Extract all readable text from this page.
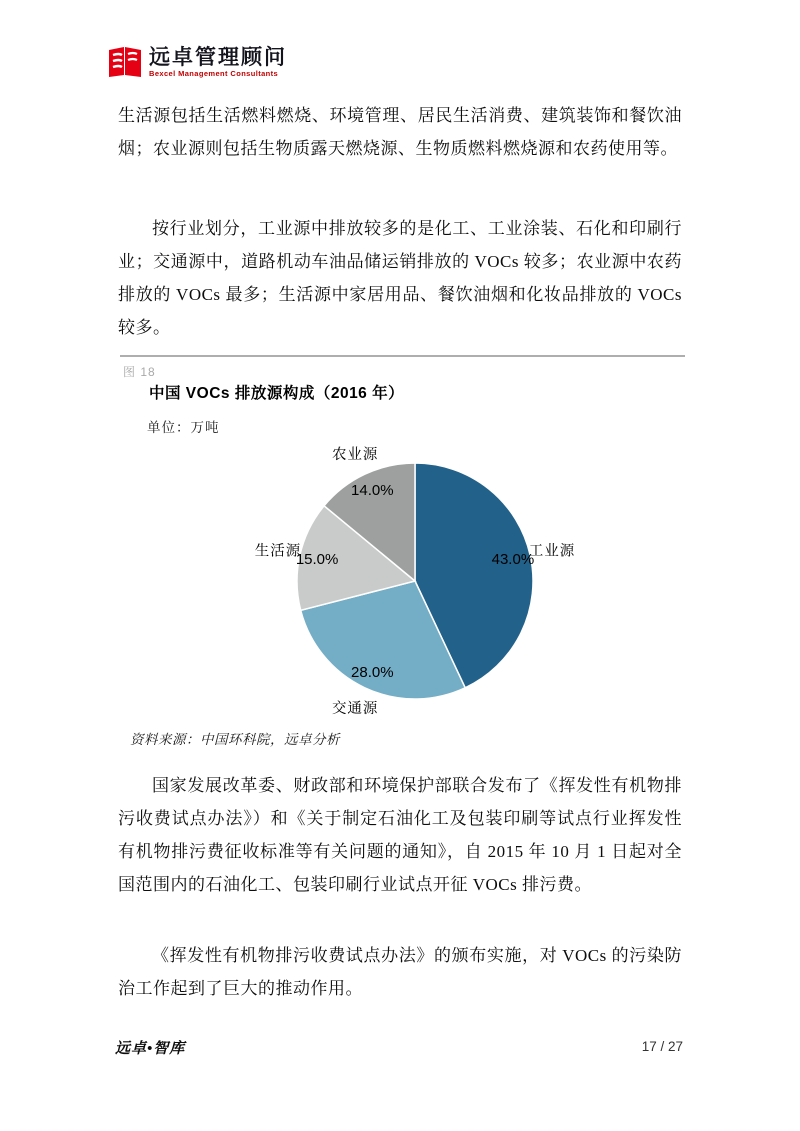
远卓管理顾问
Bexcel Management Consultants
生活源包括生活燃料燃烧、环境管理、居民生活消费、建筑装饰和餐饮油烟；农业源则包括生物质露天燃烧源、生物质燃料燃烧源和农药使用等。
按行业划分，工业源中排放较多的是化工、工业涂装、石化和印刷行业；交通源中，道路机动车油品储运销排放的 VOCs 较多；农业源中农药排放的 VOCs 最多；生活源中家居用品、餐饮油烟和化妆品排放的 VOCs 较多。
图 18
中国 VOCs 排放源构成（2016 年）
单位：万吨
43.0%
工业源
28.0%
交通源
15.0%
生活源
14.0%
农业源
资料来源：中国环科院，远卓分析
国家发展改革委、财政部和环境保护部联合发布了《挥发性有机物排污收费试点办法》）和《关于制定石油化工及包装印刷等试点行业挥发性有机物排污费征收标准等有关问题的通知》，自 2015 年 10 月 1 日起对全国范围内的石油化工、包装印刷行业试点开征 VOCs 排污费。
《挥发性有机物排污收费试点办法》的颁布实施，对 VOCs 的污染防治工作起到了巨大的推动作用。
远卓•智库	17 / 27
